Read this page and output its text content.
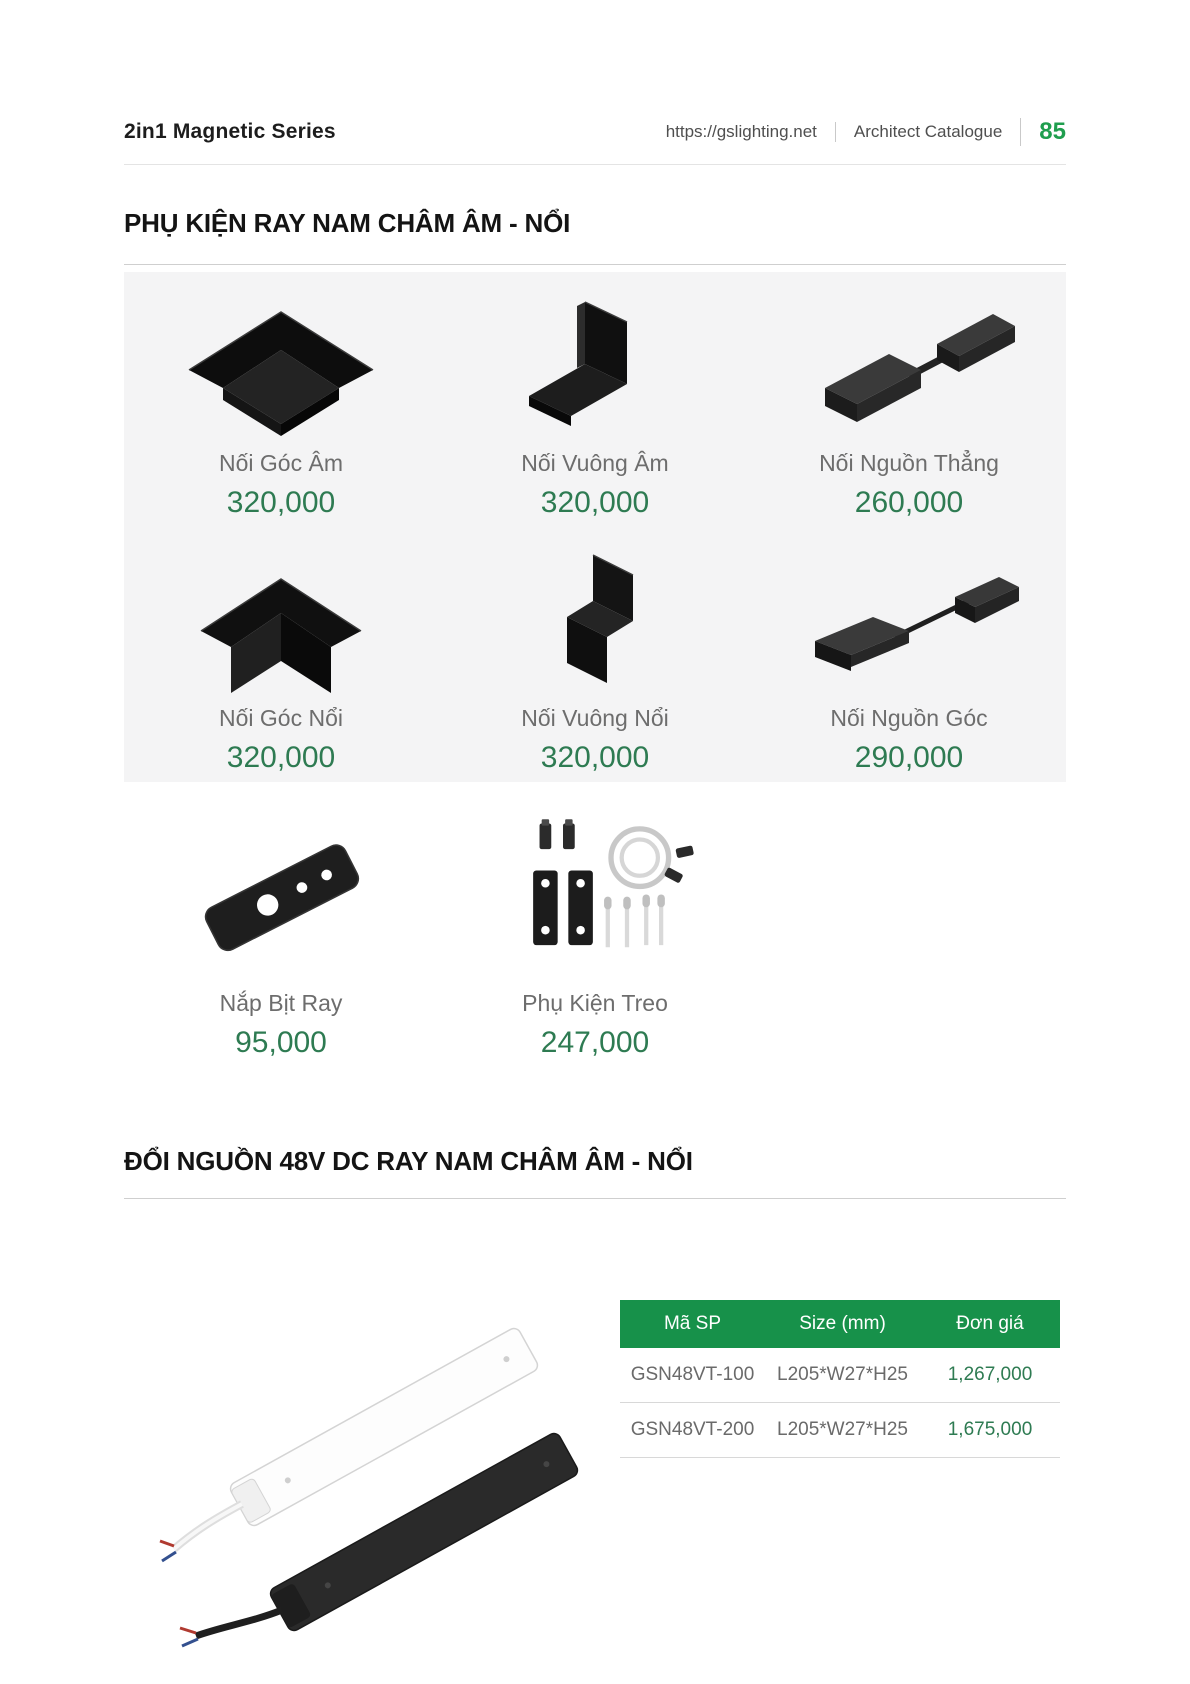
2in1 Magnetic Series	https://gslighting.net	Architect Catalogue	85
PHỤ KIỆN RAY NAM CHÂM ÂM - NỔI
Nối Góc Âm
320,000
Nối Vuông Âm
320,000
Nối Nguồn Thẳng
260,000
Nối Góc Nổi
320,000
Nối Vuông Nổi
320,000
Nối Nguồn Góc
290,000
Nắp Bịt Ray
95,000
Phụ Kiện Treo
247,000
ĐỔI NGUỒN 48V DC RAY NAM CHÂM ÂM - NỔI
Mã SP	Size (mm)	Đơn giá
GSN48VT-100	L205*W27*H25	1,267,000
GSN48VT-200	L205*W27*H25	1,675,000
